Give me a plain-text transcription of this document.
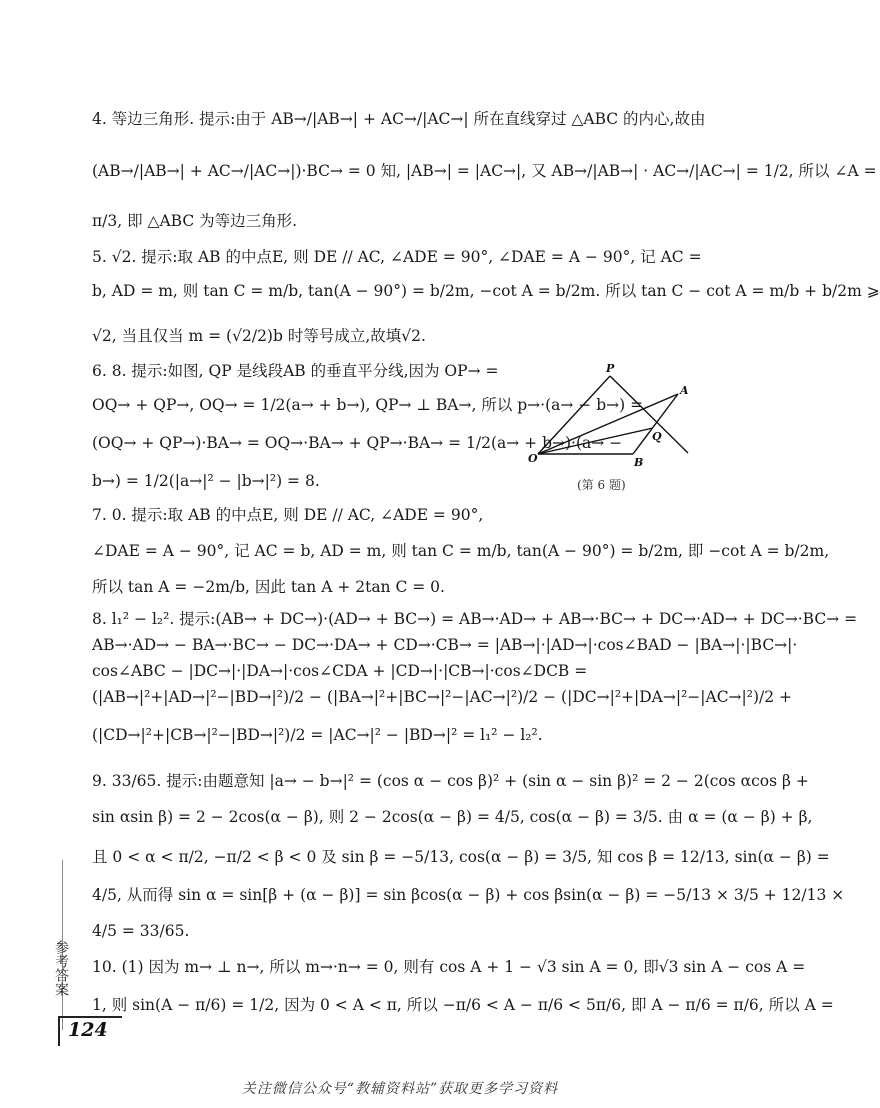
4. 等边三角形. 提示:由于 AB→/|AB→| + AC→/|AC→| 所在直线穿过 △ABC 的内心,故由
(AB→/|AB→| + AC→/|AC→|)·BC→ = 0 知, |AB→| = |AC→|, 又 AB→/|AB→| · AC→/|AC→| = 1/2, 所以 ∠A =
π/3, 即 △ABC 为等边三角形.
5. √2. 提示:取 AB 的中点E, 则 DE // AC, ∠ADE = 90°, ∠DAE = A − 90°, 记 AC =
b, AD = m, 则 tan C = m/b, tan(A − 90°) = b/2m, −cot A = b/2m. 所以 tan C − cot A = m/b + b/2m ⩾
√2, 当且仅当 m = (√2/2)b 时等号成立,故填√2.
6. 8. 提示:如图, QP 是线段AB 的垂直平分线,因为 OP→ =
OQ→ + QP→, OQ→ = 1/2(a→ + b→), QP→ ⊥ BA→, 所以 p→·(a→ − b→) =
(OQ→ + QP→)·BA→ = OQ→·BA→ + QP→·BA→ = 1/2(a→ + b→)·(a→ −
b→) = 1/2(|a→|² − |b→|²) = 8.
7. 0. 提示:取 AB 的中点E, 则 DE // AC, ∠ADE = 90°,
∠DAE = A − 90°, 记 AC = b, AD = m, 则 tan C = m/b, tan(A − 90°) = b/2m, 即 −cot A = b/2m,
所以 tan A = −2m/b, 因此 tan A + 2tan C = 0.
8. l₁² − l₂². 提示:(AB→ + DC→)·(AD→ + BC→) = AB→·AD→ + AB→·BC→ + DC→·AD→ + DC→·BC→ =
AB→·AD→ − BA→·BC→ − DC→·DA→ + CD→·CB→ = |AB→|·|AD→|·cos∠BAD − |BA→|·|BC→|·
cos∠ABC − |DC→|·|DA→|·cos∠CDA + |CD→|·|CB→|·cos∠DCB =
(|AB→|²+|AD→|²−|BD→|²)/2 − (|BA→|²+|BC→|²−|AC→|²)/2 − (|DC→|²+|DA→|²−|AC→|²)/2 +
(|CD→|²+|CB→|²−|BD→|²)/2 = |AC→|² − |BD→|² = l₁² − l₂².
9. 33/65. 提示:由题意知 |a→ − b→|² = (cos α − cos β)² + (sin α − sin β)² = 2 − 2(cos αcos β +
sin αsin β) = 2 − 2cos(α − β), 则 2 − 2cos(α − β) = 4/5, cos(α − β) = 3/5. 由 α = (α − β) + β,
且 0 < α < π/2, −π/2 < β < 0 及 sin β = −5/13, cos(α − β) = 3/5, 知 cos β = 12/13, sin(α − β) =
4/5, 从而得 sin α = sin[β + (α − β)] = sin βcos(α − β) + cos βsin(α − β) = −5/13 × 3/5 + 12/13 ×
4/5 = 33/65.
10. (1) 因为 m→ ⊥ n→, 所以 m→·n→ = 0, 则有 cos A + 1 − √3 sin A = 0, 即√3 sin A − cos A =
1, 则 sin(A − π/6) = 1/2, 因为 0 < A < π, 所以 −π/6 < A − π/6 < 5π/6, 即 A − π/6 = π/6, 所以 A =
P
A
Q
O	B
(第 6 题)
参考答案
124
关注微信公众号“教辅资料站”获取更多学习资料
